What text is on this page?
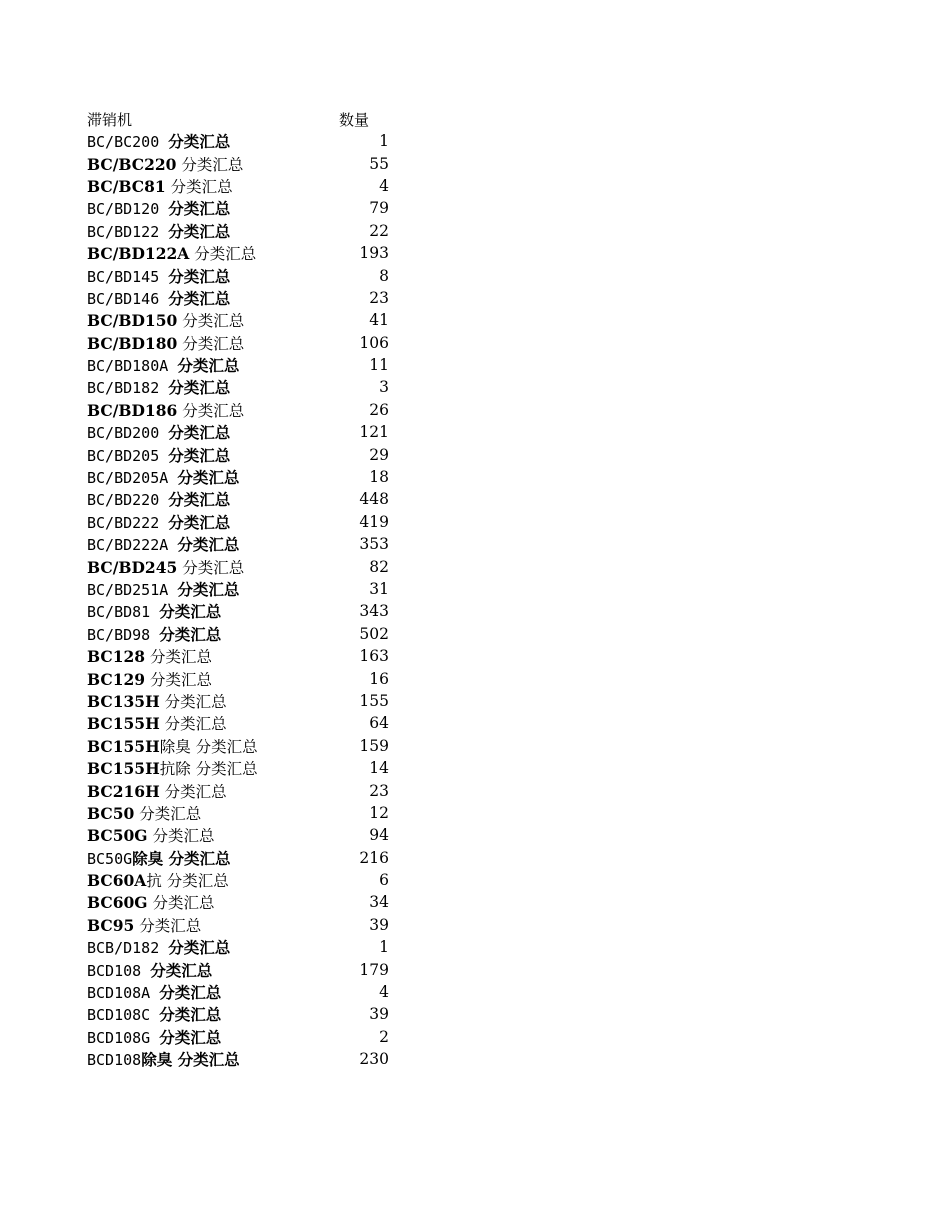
滞销机	数量
BC/BC200 分类汇总	1
BC/BC220 分类汇总	55
BC/BC81 分类汇总	4
BC/BD120 分类汇总	79
BC/BD122 分类汇总	22
BC/BD122A 分类汇总	193
BC/BD145 分类汇总	8
BC/BD146 分类汇总	23
BC/BD150 分类汇总	41
BC/BD180 分类汇总	106
BC/BD180A 分类汇总	11
BC/BD182 分类汇总	3
BC/BD186 分类汇总	26
BC/BD200 分类汇总	121
BC/BD205 分类汇总	29
BC/BD205A 分类汇总	18
BC/BD220 分类汇总	448
BC/BD222 分类汇总	419
BC/BD222A 分类汇总	353
BC/BD245 分类汇总	82
BC/BD251A 分类汇总	31
BC/BD81 分类汇总	343
BC/BD98 分类汇总	502
BC128 分类汇总	163
BC129 分类汇总	16
BC135H 分类汇总	155
BC155H 分类汇总	64
BC155H除臭 分类汇总	159
BC155H抗除 分类汇总	14
BC216H 分类汇总	23
BC50 分类汇总	12
BC50G 分类汇总	94
BC50G除臭 分类汇总	216
BC60A抗 分类汇总	6
BC60G 分类汇总	34
BC95 分类汇总	39
BCB/D182 分类汇总	1
BCD108 分类汇总	179
BCD108A 分类汇总	4
BCD108C 分类汇总	39
BCD108G 分类汇总	2
BCD108除臭 分类汇总	230
